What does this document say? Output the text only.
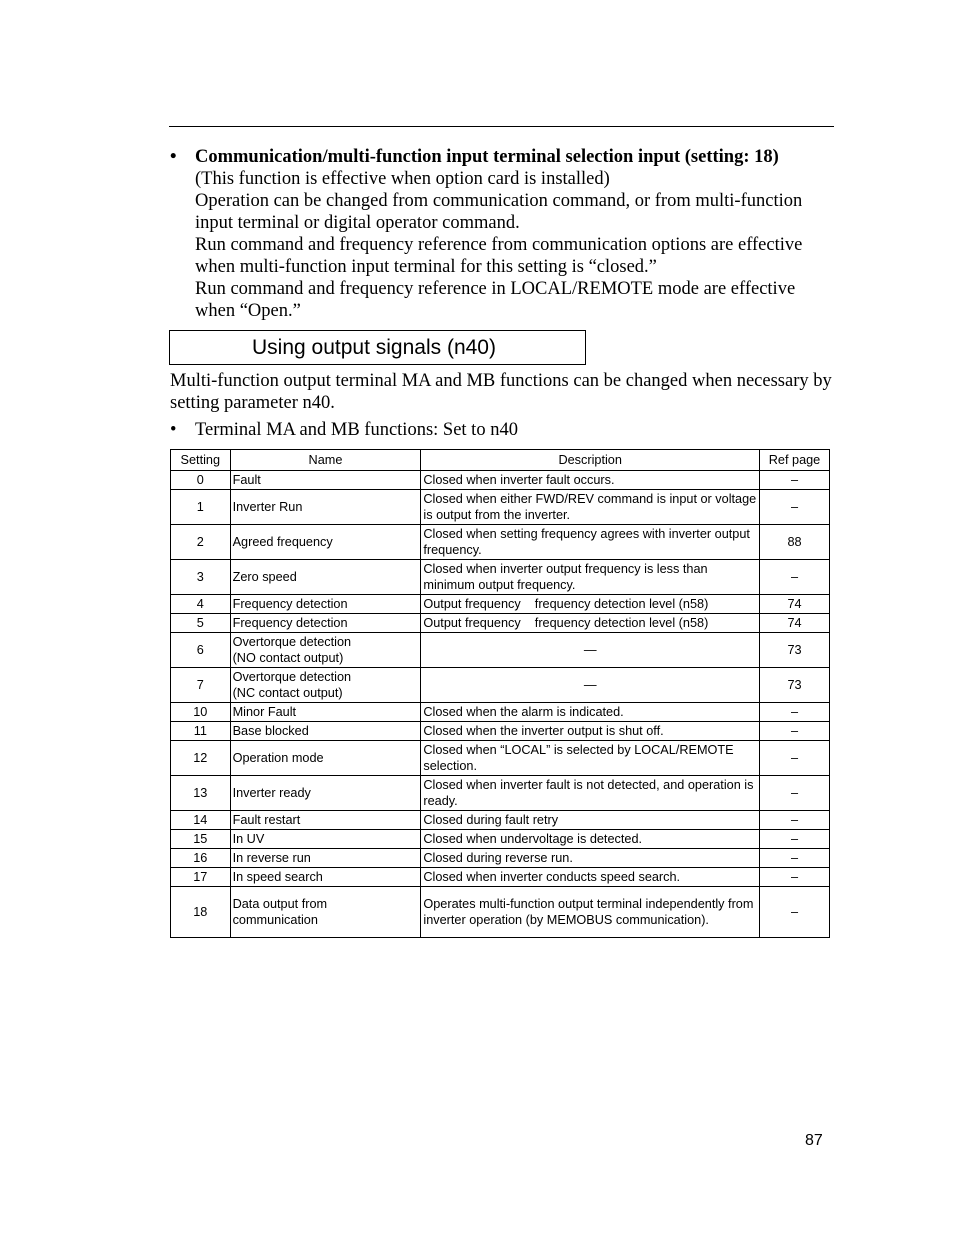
• Communication/multi-function input terminal selection input (setting: 18)

(This function is effective when option card is installed)

Operation can be changed from communication command, or from multi-function input terminal or digital operator command.

Run command and frequency reference from communication options are effective when multi-function input terminal for this setting is “closed.”

Run command and frequency reference in LOCAL/REMOTE mode are effective when “Open.”

Using output signals (n40)

Multi-function output terminal MA and MB functions can be changed when necessary by setting parameter n40.

• Terminal MA and MB functions: Set to n40

Setting	Name	Description	Ref page
0	Fault	Closed when inverter fault occurs.	–
1	Inverter Run	Closed when either FWD/REV command is input or voltage is output from the inverter.	–
2	Agreed frequency	Closed when setting frequency agrees with inverter output frequency.	88
3	Zero speed	Closed when inverter output frequency is less than minimum output frequency.	–
4	Frequency detection	Output frequency    frequency detection level (n58)	74
5	Frequency detection	Output frequency    frequency detection level (n58)	74
6	Overtorque detection (NO contact output)	—	73
7	Overtorque detection (NC contact output)	—	73
10	Minor Fault	Closed when the alarm is indicated.	–
11	Base blocked	Closed when the inverter output is shut off.	–
12	Operation mode	Closed when “LOCAL” is selected by LOCAL/REMOTE selection.	–
13	Inverter ready	Closed when inverter fault is not detected, and operation is ready.	–
14	Fault restart	Closed during fault retry	–
15	In UV	Closed when undervoltage is detected.	–
16	In reverse run	Closed during reverse run.	–
17	In speed search	Closed when inverter conducts speed search.	–
18	Data output from communication	Operates multi-function output terminal independently from inverter operation (by MEMOBUS communication).	–
87
